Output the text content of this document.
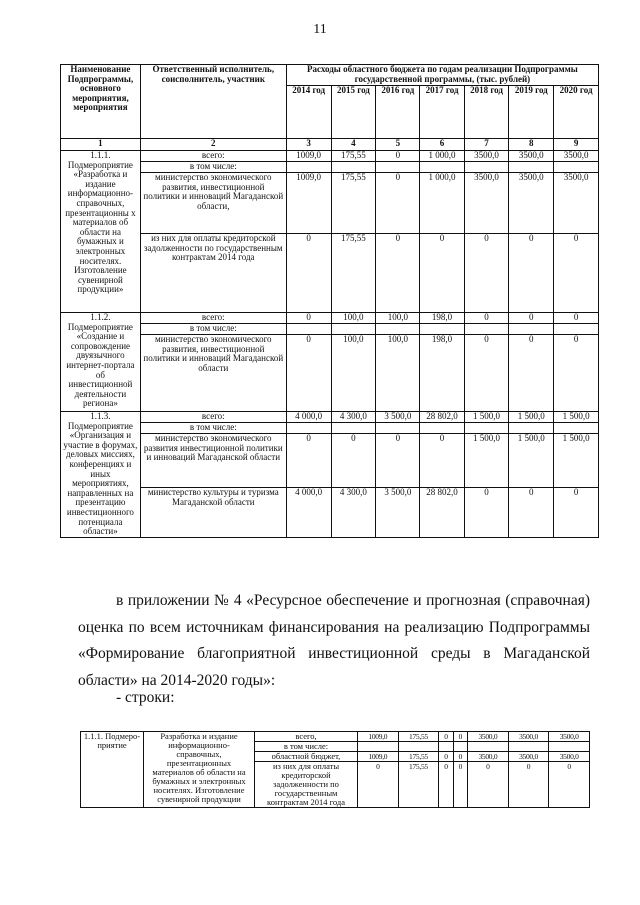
11
Наименование Подпрограммы, основного мероприятия, мероприятия	Ответственный исполнитель, соисполнитель, участник	Расходы областного бюджета по годам реализации Подпрограммы государственной программы, (тыс. рублей)						
		2014 год	2015 год	2016 год	2017 год	2018 год	2019 год	2020 год
1	2	3	4	5	6	7	8	9
1.1.1. Подмероприятие «Разработка и издание информационно-справочных, презентационны х материалов об области на бумажных и электронных носителях. Изготовление сувенирной продукции»	всего:	1009,0	175,55	0	1 000,0	3500,0	3500,0	3500,0
	в том числе:							
	министерство экономического развития, инвестиционной политики и инноваций Магаданской области,	1009,0	175,55	0	1 000,0	3500,0	3500,0	3500,0
	из них для оплаты кредиторской задолженности по государственным контрактам 2014 года	0	175,55	0	0	0	0	0
1.1.2. Подмероприятие «Создание и сопровождение двуязычного интернет-портала об инвестиционной деятельности региона»	всего:	0	100,0	100,0	198,0	0	0	0
	в том числе:							
	министерство экономического развития, инвестиционной политики и инноваций Магаданской области	0	100,0	100,0	198,0	0	0	0
1.1.3. Подмероприятие «Организация и участие в форумах, деловых миссиях, конференциях и иных мероприятиях, направленных на презентацию инвестиционного потенциала области»	всего:	4 000,0	4 300,0	3 500,0	28 802,0	1 500,0	1 500,0	1 500,0
	в том числе:							
	министерство экономического развития инвестиционной политики и инноваций Магаданской области	0	0	0	0	1 500,0	1 500,0	1 500,0
	министерство культуры и туризма Магаданской области	4 000,0	4 300,0	3 500,0	28 802,0	0	0	0
в приложении № 4 «Ресурсное обеспечение и прогнозная (справочная) оценка по всем источникам финансирования на реализацию Подпрограммы «Формирование благоприятной инвестиционной среды в Магаданской области» на 2014-2020 годы»:
- строки:
1.1.1. Подмеро-приятие	Разработка и издание информационно-справочных, презентационных материалов об области на бумажных и электронных носителях. Изготовление сувенирной продукции	всего,	1009,0	175,55	0	0	3500,0	3500,0	3500,0
		в том числе:							
		областной бюджет,	1009,0	175,55	0	0	3500,0	3500,0	3500,0
		из них для оплаты кредиторской задолженности по государственным контрактам 2014 года	0	175,55	0	0	0	0	0
